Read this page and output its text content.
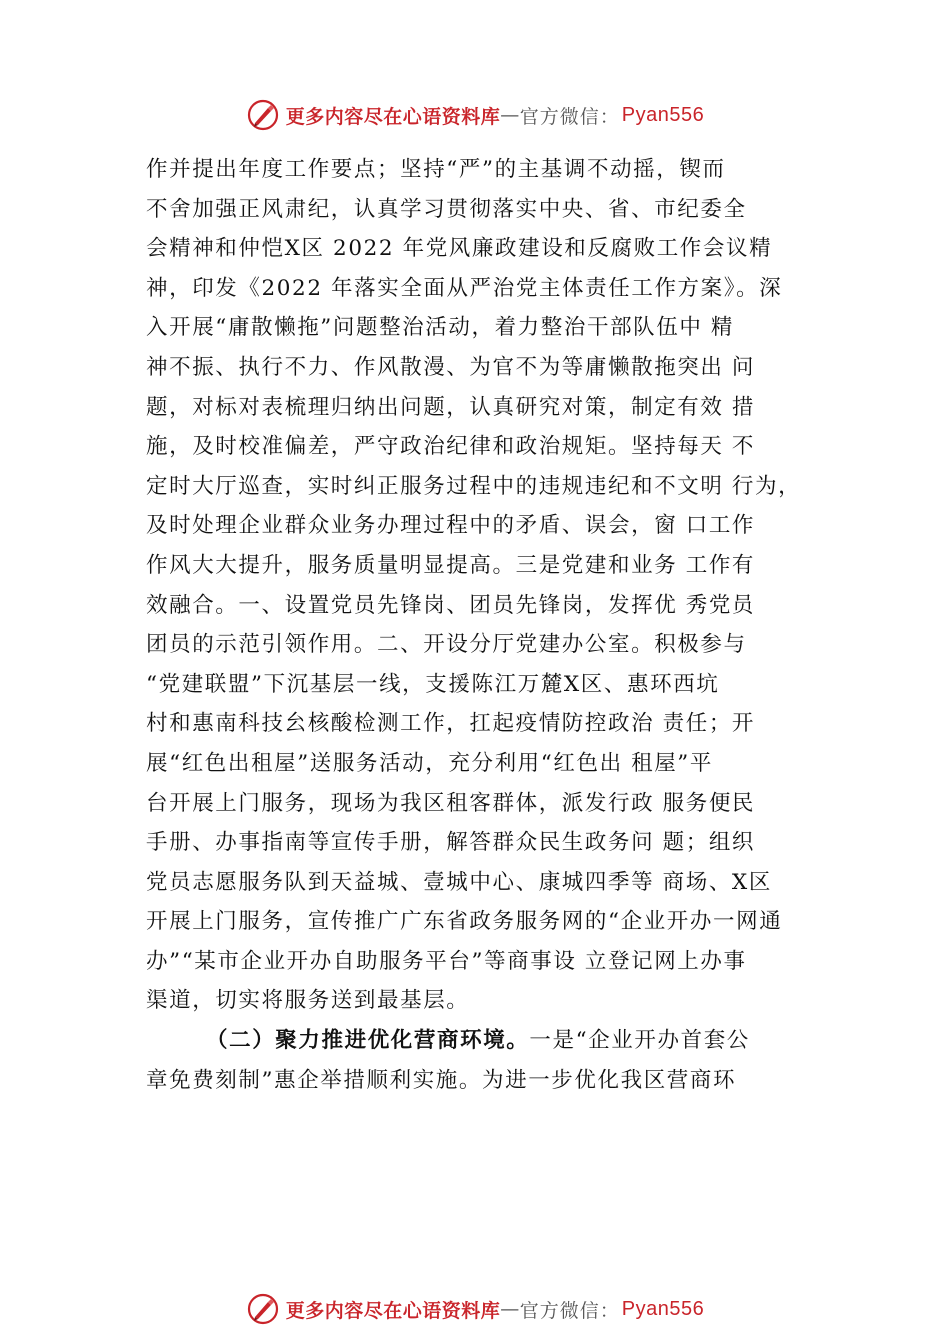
更多内容尽在心语资料库 — 官方微信： Pyan556
作并提出年度工作要点；坚持“严”的主基调不动摇，锲而
不舍加强正风肃纪，认真学习贯彻落实中央、省、市纪委全
会精神和仲恺X区 2022 年党风廉政建设和反腐败工作会议精
神，印发《2022 年落实全面从严治党主体责任工作方案》。深
入开展“庸散懒拖”问题整治活动，着力整治干部队伍中 精
神不振、执行不力、作风散漫、为官不为等庸懒散拖突出 问
题，对标对表梳理归纳出问题，认真研究对策，制定有效 措
施，及时校准偏差，严守政治纪律和政治规矩。坚持每天 不
定时大厅巡查，实时纠正服务过程中的违规违纪和不文明 行为，
及时处理企业群众业务办理过程中的矛盾、误会，窗 口工作
作风大大提升，服务质量明显提高。三是党建和业务 工作有
效融合。一、设置党员先锋岗、团员先锋岗，发挥优 秀党员
团员的示范引领作用。二、开设分厅党建办公室。积极参与
“党建联盟”下沉基层一线，支援陈江万麓X区、惠环西坑
村和惠南科技㕕核酸检测工作，扛起疫情防控政治 责任；开
展“红色出租屋”送服务活动，充分利用“红色出 租屋”平
台开展上门服务，现场为我区租客群体，派发行政 服务便民
手册、办事指南等宣传手册，解答群众民生政务问 题；组织
党员志愿服务队到天益城、壹城中心、康城四季等 商场、X区
开展上门服务，宣传推广广东省政务服务网的“企业开办一网通
办”“某市企业开办自助服务平台”等商事设 立登记网上办事
渠道，切实将服务送到最基层。
（二）聚力推进优化营商环境。一是“企业开办首套公
章免费刻制”惠企举措顺利实施。为进一步优化我区营商环
更多内容尽在心语资料库 — 官方微信： Pyan556
